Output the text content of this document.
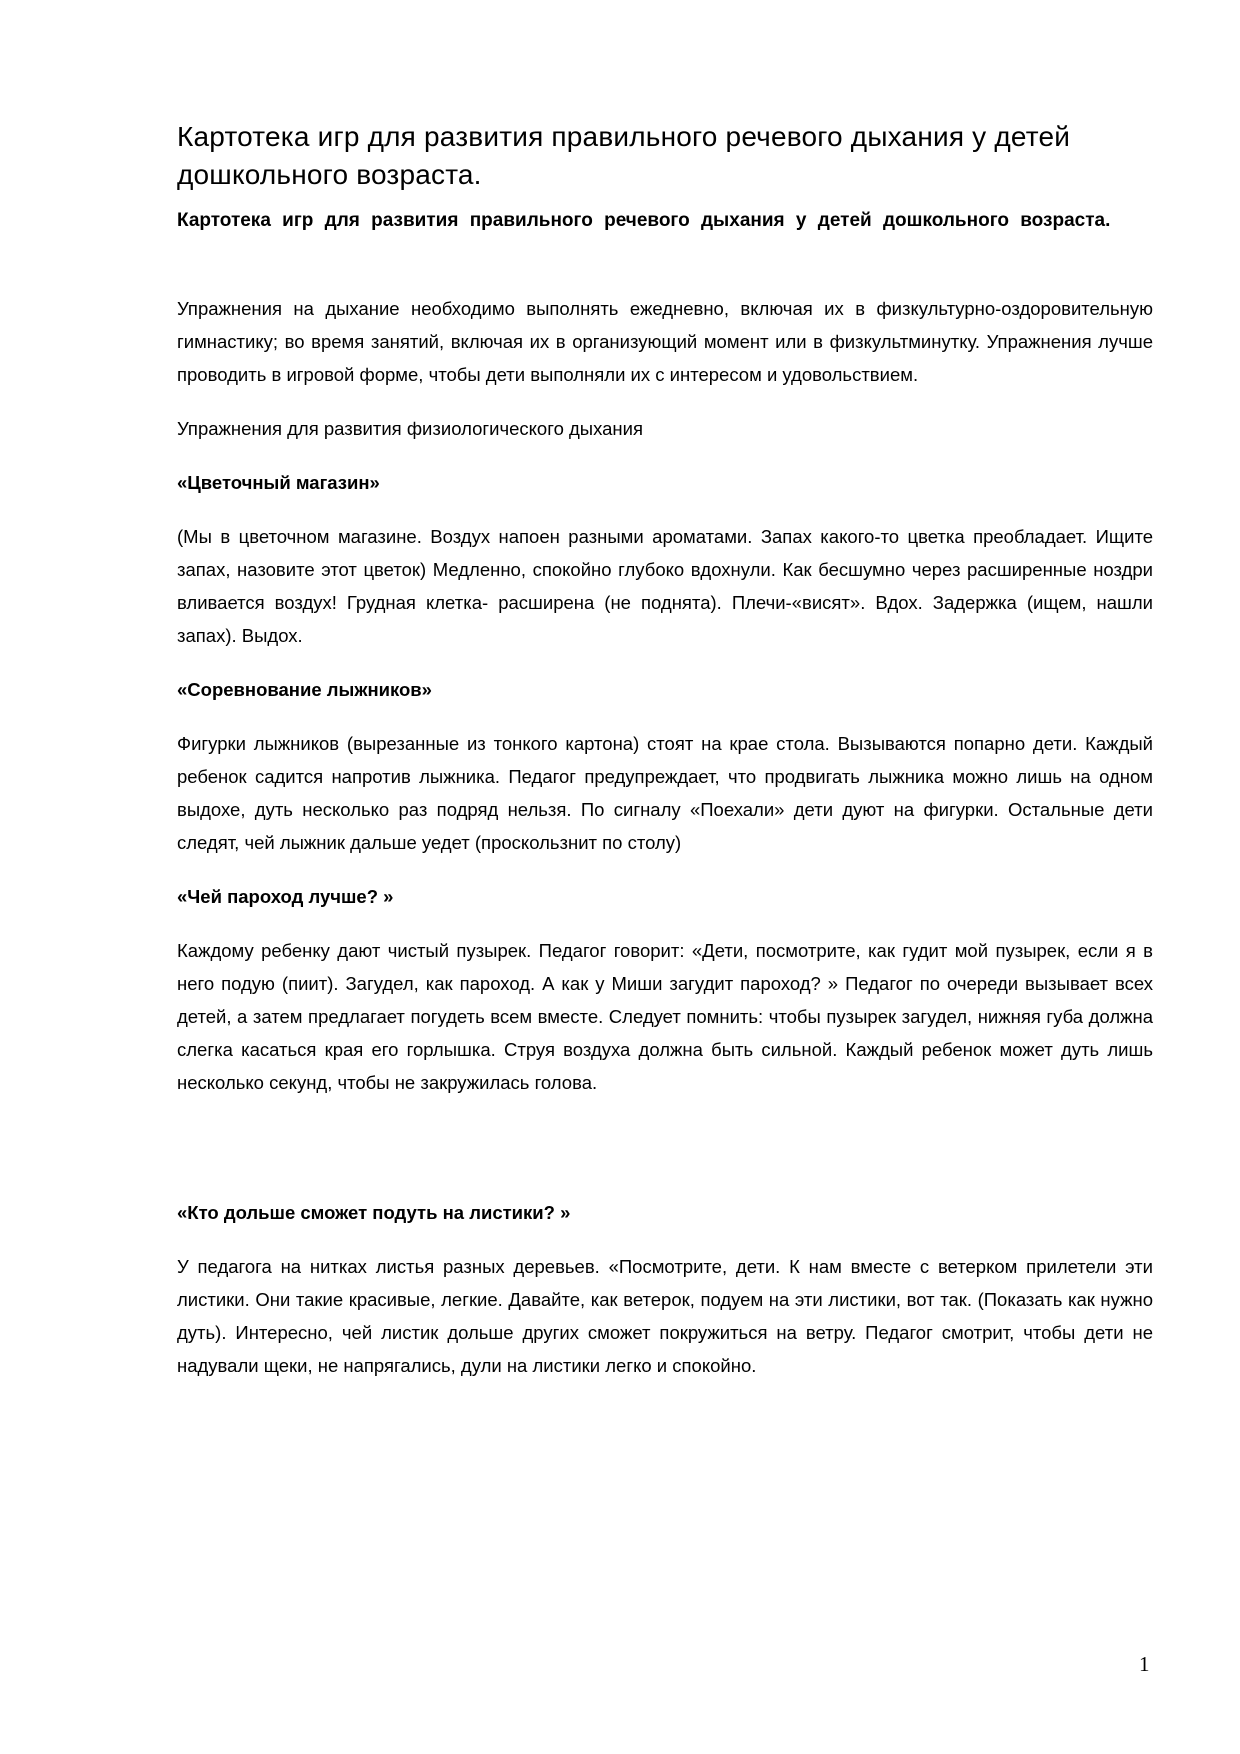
Картотека игр для развития правильного речевого дыхания у детей дошкольного возраста.

Картотека игр для развития правильного речевого дыхания у детей дошкольного возраста.

Упражнения на дыхание необходимо выполнять ежедневно, включая их в физкультурно-оздоровительную гимнастику; во время занятий, включая их в организующий момент или в физкультминутку. Упражнения лучше проводить в игровой форме, чтобы дети выполняли их с интересом и удовольствием.

Упражнения для развития физиологического дыхания

«Цветочный магазин»

(Мы в цветочном магазине. Воздух напоен разными ароматами. Запах какого-то цветка преобладает. Ищите запах, назовите этот цветок) Медленно, спокойно глубоко вдохнули. Как бесшумно через расширенные ноздри вливается воздух! Грудная клетка- расширена (не поднята). Плечи-«висят». Вдох. Задержка (ищем, нашли запах). Выдох.

«Соревнование лыжников»

Фигурки лыжников (вырезанные из тонкого картона) стоят на крае стола. Вызываются попарно дети. Каждый ребенок садится напротив лыжника. Педагог предупреждает, что продвигать лыжника можно лишь на одном выдохе, дуть несколько раз подряд нельзя. По сигналу «Поехали» дети дуют на фигурки. Остальные дети следят, чей лыжник дальше уедет (проскользнит по столу)

«Чей пароход лучше? »

Каждому ребенку дают чистый пузырек. Педагог говорит: «Дети, посмотрите, как гудит мой пузырек, если я в него подую (пиит). Загудел, как пароход. А как у Миши загудит пароход? » Педагог по очереди вызывает всех детей, а затем предлагает погудеть всем вместе. Следует помнить: чтобы пузырек загудел, нижняя губа должна слегка касаться края его горлышка. Струя воздуха должна быть сильной. Каждый ребенок может дуть лишь несколько секунд, чтобы не закружилась голова.

«Кто дольше сможет подуть на листики? »

У педагога на нитках листья разных деревьев. «Посмотрите, дети. К нам вместе с ветерком прилетели эти листики. Они такие красивые, легкие. Давайте, как ветерок, подуем на эти листики, вот так. (Показать как нужно дуть). Интересно, чей листик дольше других сможет покружиться на ветру. Педагог смотрит, чтобы дети не надували щеки, не напрягались, дули на листики легко и спокойно.

1
